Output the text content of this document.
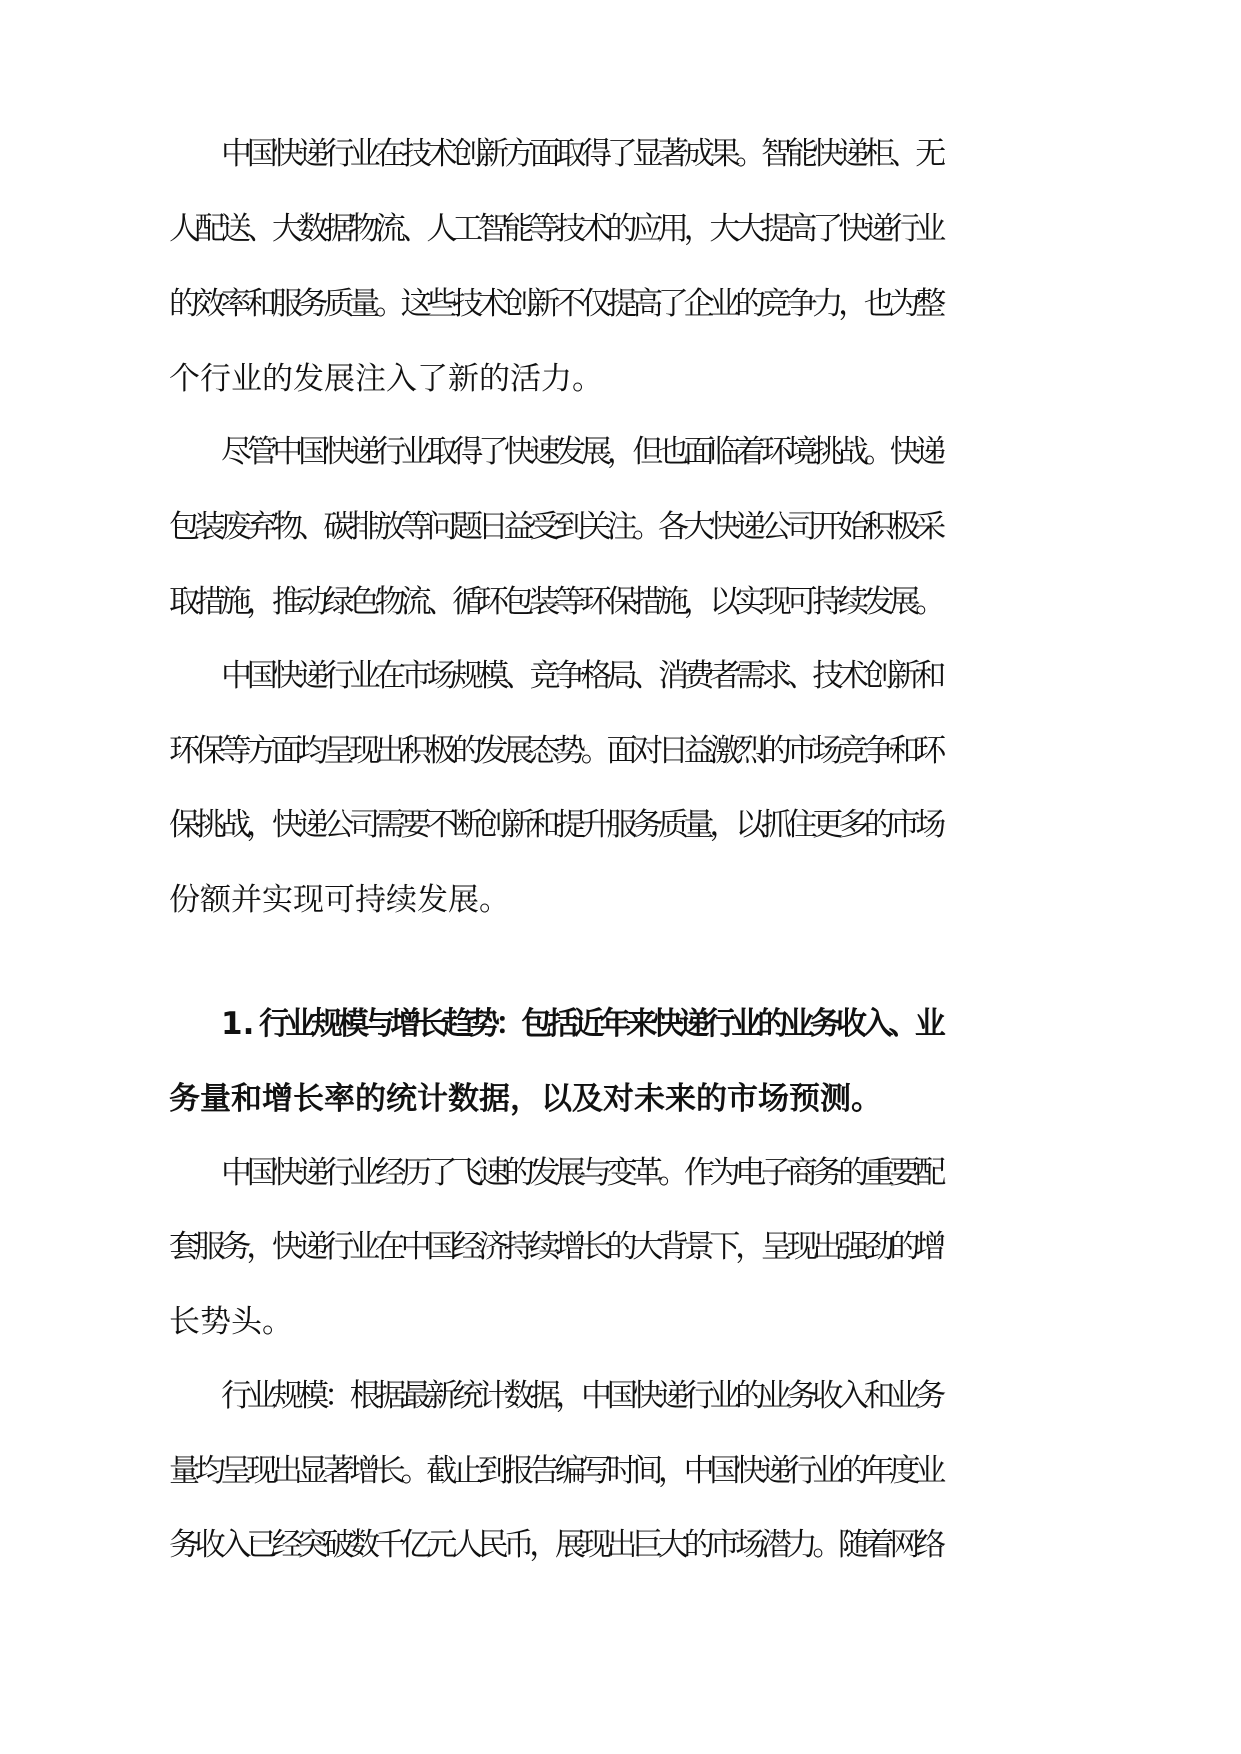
中国快递行业在技术创新方面取得了显著成果。智能快递柜、无
人配送、大数据物流、人工智能等技术的应用，大大提高了快递行业
的效率和服务质量。这些技术创新不仅提高了企业的竞争力，也为整
个行业的发展注入了新的活力。
尽管中国快递行业取得了快速发展，但也面临着环境挑战。快递
包装废弃物、碳排放等问题日益受到关注。各大快递公司开始积极采
取措施，推动绿色物流、循环包装等环保措施，以实现可持续发展。
中国快递行业在市场规模、竞争格局、消费者需求、技术创新和
环保等方面均呈现出积极的发展态势。面对日益激烈的市场竞争和环
保挑战，快递公司需要不断创新和提升服务质量，以抓住更多的市场
份额并实现可持续发展。
1. 行业规模与增长趋势：包括近年来快递行业的业务收入、业
务量和增长率的统计数据，以及对未来的市场预测。
中国快递行业经历了飞速的发展与变革。作为电子商务的重要配
套服务，快递行业在中国经济持续增长的大背景下，呈现出强劲的增
长势头。
行业规模：根据最新统计数据，中国快递行业的业务收入和业务
量均呈现出显著增长。截止到报告编写时间，中国快递行业的年度业
务收入已经突破数千亿元人民币，展现出巨大的市场潜力。随着网络
